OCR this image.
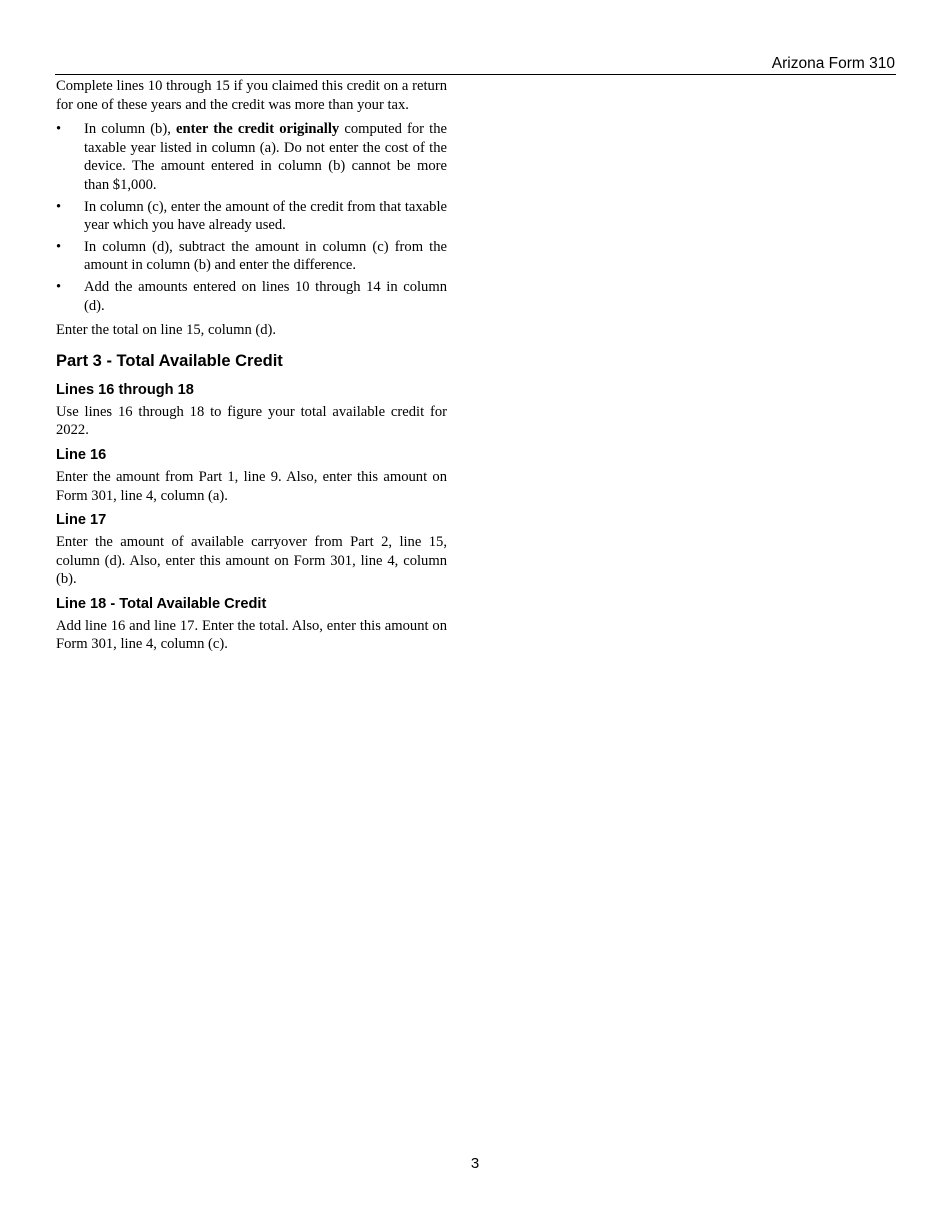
Arizona Form 310

Complete lines 10 through 15 if you claimed this credit on a return for one of these years and the credit was more than your tax.

• In column (b), enter the credit originally computed for the taxable year listed in column (a). Do not enter the cost of the device. The amount entered in column (b) cannot be more than $1,000.
• In column (c), enter the amount of the credit from that taxable year which you have already used.
• In column (d), subtract the amount in column (c) from the amount in column (b) and enter the difference.
• Add the amounts entered on lines 10 through 14 in column (d).

Enter the total on line 15, column (d).

Part 3 - Total Available Credit
Lines 16 through 18

Use lines 16 through 18 to figure your total available credit for 2022.

Line 16

Enter the amount from Part 1, line 9. Also, enter this amount on Form 301, line 4, column (a).

Line 17

Enter the amount of available carryover from Part 2, line 15, column (d). Also, enter this amount on Form 301, line 4, column (b).

Line 18 - Total Available Credit

Add line 16 and line 17. Enter the total. Also, enter this amount on Form 301, line 4, column (c).

3
